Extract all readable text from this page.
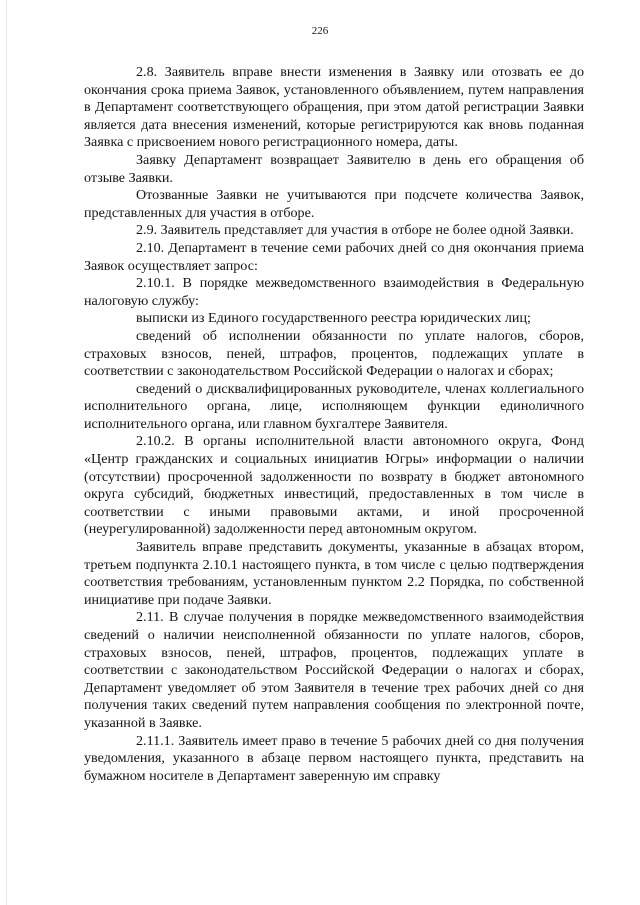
226

2.8. Заявитель вправе внести изменения в Заявку или отозвать ее до окончания срока приема Заявок, установленного объявлением, путем направления в Департамент соответствующего обращения, при этом датой регистрации Заявки является дата внесения изменений, которые регистрируются как вновь поданная Заявка с присвоением нового регистрационного номера, даты.

Заявку Департамент возвращает Заявителю в день его обращения об отзыве Заявки.

Отозванные Заявки не учитываются при подсчете количества Заявок, представленных для участия в отборе.

2.9. Заявитель представляет для участия в отборе не более одной Заявки.

2.10. Департамент в течение семи рабочих дней со дня окончания приема Заявок осуществляет запрос:

2.10.1. В порядке межведомственного взаимодействия в Федеральную налоговую службу:

выписки из Единого государственного реестра юридических лиц;

сведений об исполнении обязанности по уплате налогов, сборов, страховых взносов, пеней, штрафов, процентов, подлежащих уплате в соответствии с законодательством Российской Федерации о налогах и сборах;

сведений о дисквалифицированных руководителе, членах коллегиального исполнительного органа, лице, исполняющем функции единоличного исполнительного органа, или главном бухгалтере Заявителя.

2.10.2. В органы исполнительной власти автономного округа, Фонд «Центр гражданских и социальных инициатив Югры» информации о наличии (отсутствии) просроченной задолженности по возврату в бюджет автономного округа субсидий, бюджетных инвестиций, предоставленных в том числе в соответствии с иными правовыми актами, и иной просроченной (неурегулированной) задолженности перед автономным округом.

Заявитель вправе представить документы, указанные в абзацах втором, третьем подпункта 2.10.1 настоящего пункта, в том числе с целью подтверждения соответствия требованиям, установленным пунктом 2.2 Порядка, по собственной инициативе при подаче Заявки.

2.11. В случае получения в порядке межведомственного взаимодействия сведений о наличии неисполненной обязанности по уплате налогов, сборов, страховых взносов, пеней, штрафов, процентов, подлежащих уплате в соответствии с законодательством Российской Федерации о налогах и сборах, Департамент уведомляет об этом Заявителя в течение трех рабочих дней со дня получения таких сведений путем направления сообщения по электронной почте, указанной в Заявке.

2.11.1. Заявитель имеет право в течение 5 рабочих дней со дня получения уведомления, указанного в абзаце первом настоящего пункта, представить на бумажном носителе в Департамент заверенную им справку
